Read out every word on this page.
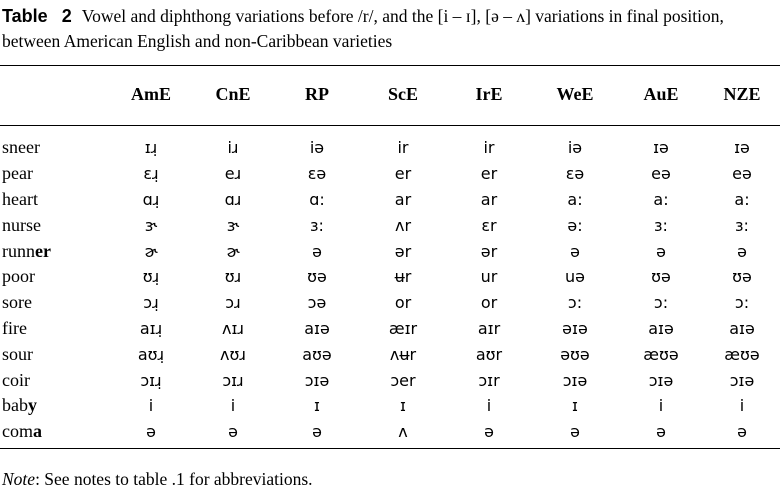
Table 2 Vowel and diphthong variations before /r/, and the [i – ɪ], [ə – ʌ] variations in final position, between American English and non-Caribbean varieties
	AmE	CnE	RP	ScE	IrE	WeE	AuE	NZE

sneer	ɪɹ̣	iɹ	iə	ir	ir	iə	ɪə	ɪə
pear	ɛɹ̣	eɹ	ɛə	er	er	ɛə	eə	eə
heart	ɑɹ̣	ɑɹ	ɑ:	ar	ar	a:	a:	a:
nurse	ɝ	ɝ	ɜ:	ʌr	ɛr	ə:	ɜ:	ɜ:
runner	ɚ	ɚ	ə	ər	ər	ə	ə	ə
poor	ʊɹ̣	ʊɹ	ʊə	ʉr	ur	uə	ʊə	ʊə
sore	ɔɹ̣	ɔɹ	ɔə	or	or	ɔ:	ɔ:	ɔ:
fire	aɪɹ̣	ʌɪɹ	aɪə	æɪr	aɪr	əɪə	aɪə	aɪə
sour	aʊɹ̣	ʌʊɹ	aʊə	ʌʉr	aʊr	əʊə	æʊə	æʊə
coir	ɔɪɹ̣	ɔɪɹ	ɔɪə	ɔer	ɔɪr	ɔɪə	ɔɪə	ɔɪə
baby	i	i	ɪ	ɪ	i	ɪ	i	i
coma	ə	ə	ə	ʌ	ə	ə	ə	ə
Note: See notes to table .1 for abbreviations.
